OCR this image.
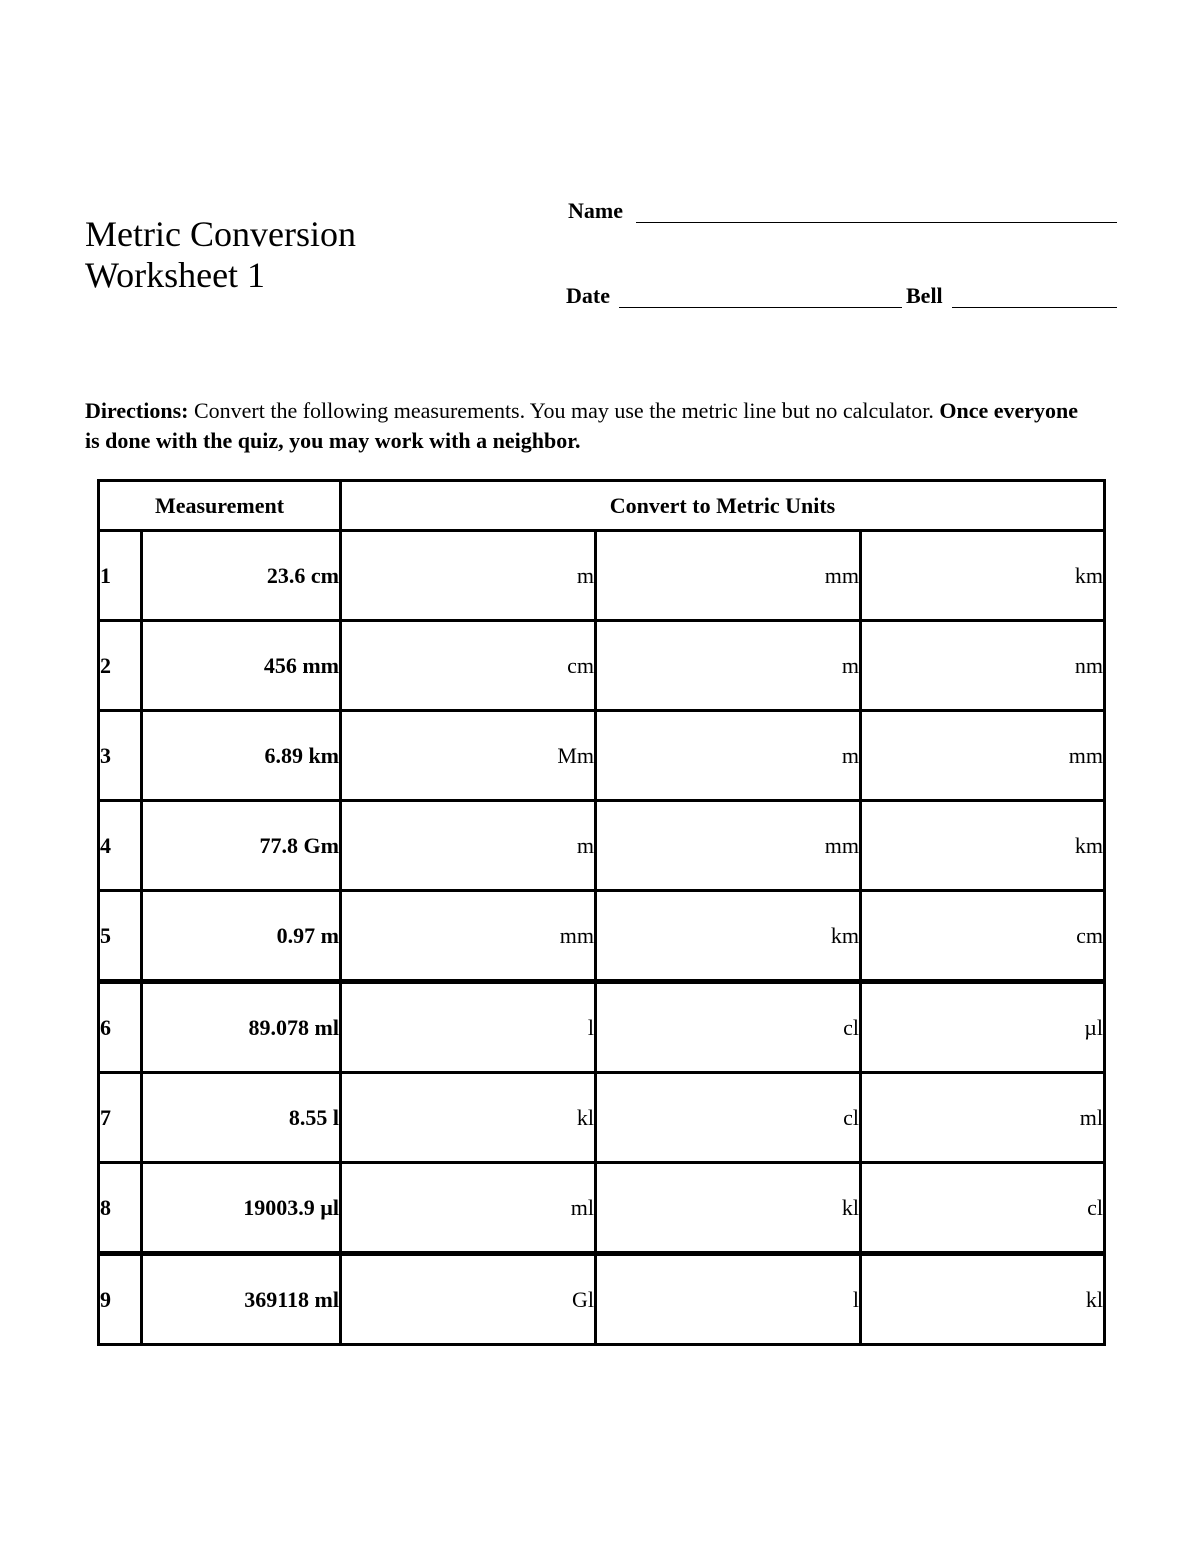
Metric Conversion
Worksheet 1
Name
Date	Bell
Directions: Convert the following measurements. You may use the metric line but no calculator. Once everyone is done with the quiz, you may work with a neighbor.
Measurement		Convert to Metric Units		
1	23.6 cm	m	mm	km
2	456 mm	cm	m	nm
3	6.89 km	Mm	m	mm
4	77.8 Gm	m	mm	km
5	0.97 m	mm	km	cm
6	89.078 ml	l	cl	µl
7	8.55 l	kl	cl	ml
8	19003.9 µl	ml	kl	cl
9	369118 ml	Gl	l	kl
